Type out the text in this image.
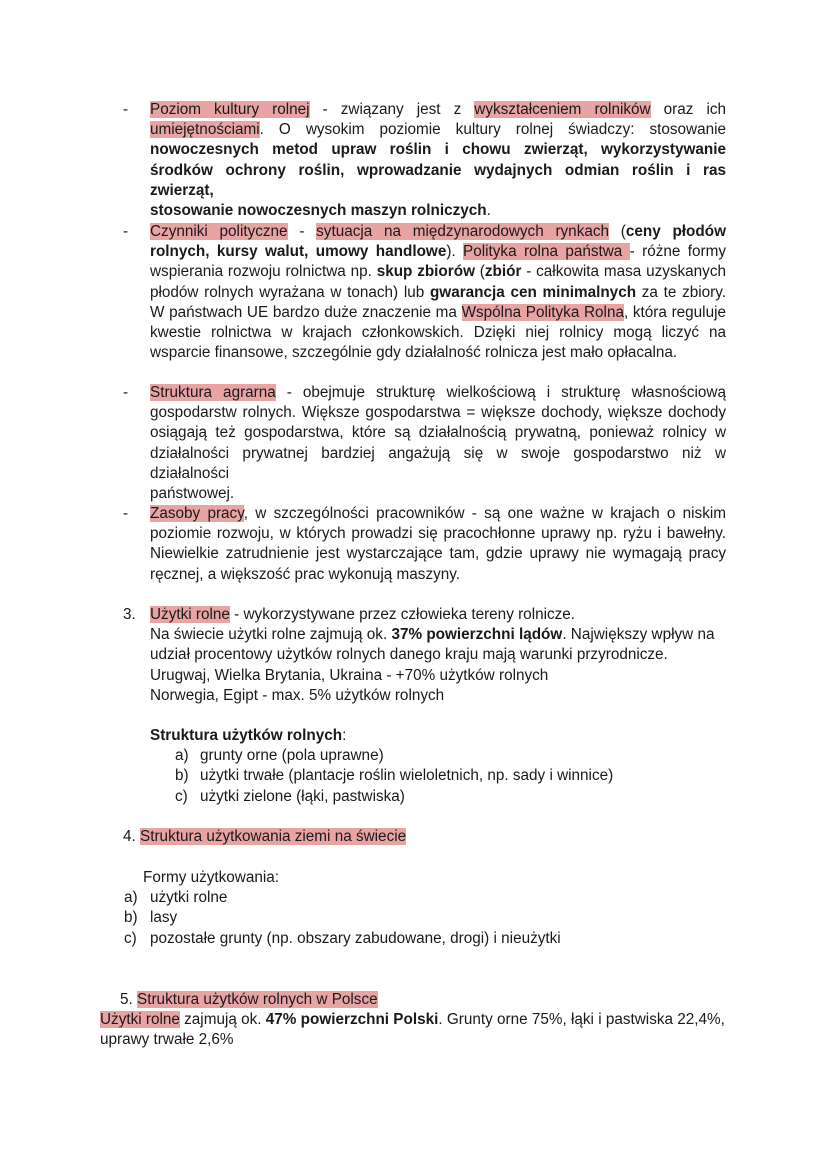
- Poziom kultury rolnej - związany jest z wykształceniem rolników oraz ich
umiejętnościami. O wysokim poziomie kultury rolnej świadczy: stosowanie
nowoczesnych metod upraw roślin i chowu zwierząt, wykorzystywanie
środków ochrony roślin, wprowadzanie wydajnych odmian roślin i ras zwierząt,
stosowanie nowoczesnych maszyn rolniczych.
- Czynniki polityczne - sytuacja na międzynarodowych rynkach (ceny płodów
rolnych, kursy walut, umowy handlowe). Polityka rolna państwa - różne formy
wspierania rozwoju rolnictwa np. skup zbiorów (zbiór - całkowita masa uzyskanych
płodów rolnych wyrażana w tonach) lub gwarancja cen minimalnych za te zbiory.
W państwach UE bardzo duże znaczenie ma Wspólna Polityka Rolna, która reguluje
kwestie rolnictwa w krajach członkowskich. Dzięki niej rolnicy mogą liczyć na
wsparcie finansowe, szczególnie gdy działalność rolnicza jest mało opłacalna.
- Struktura agrarna - obejmuje strukturę wielkościową i strukturę własnościową
gospodarstw rolnych. Większe gospodarstwa = większe dochody, większe dochody
osiągają też gospodarstwa, które są działalnością prywatną, ponieważ rolnicy w
działalności prywatnej bardziej angażują się w swoje gospodarstwo niż w działalności
państwowej.
- Zasoby pracy, w szczególności pracowników - są one ważne w krajach o niskim
poziomie rozwoju, w których prowadzi się pracochłonne uprawy np. ryżu i bawełny.
Niewielkie zatrudnienie jest wystarczające tam, gdzie uprawy nie wymagają pracy
ręcznej, a większość prac wykonują maszyny.
3. Użytki rolne - wykorzystywane przez człowieka tereny rolnicze.
Na świecie użytki rolne zajmują ok. 37% powierzchni lądów. Największy wpływ na
udział procentowy użytków rolnych danego kraju mają warunki przyrodnicze.
Urugwaj, Wielka Brytania, Ukraina - +70% użytków rolnych
Norwegia, Egipt - max. 5% użytków rolnych
Struktura użytków rolnych:
a) grunty orne (pola uprawne)
b) użytki trwałe (plantacje roślin wieloletnich, np. sady i winnice)
c) użytki zielone (łąki, pastwiska)
4. Struktura użytkowania ziemi na świecie
Formy użytkowania:
a) użytki rolne
b) lasy
c) pozostałe grunty (np. obszary zabudowane, drogi) i nieużytki
5. Struktura użytków rolnych w Polsce
Użytki rolne zajmują ok. 47% powierzchni Polski. Grunty orne 75%, łąki i pastwiska 22,4%,
uprawy trwałe 2,6%
